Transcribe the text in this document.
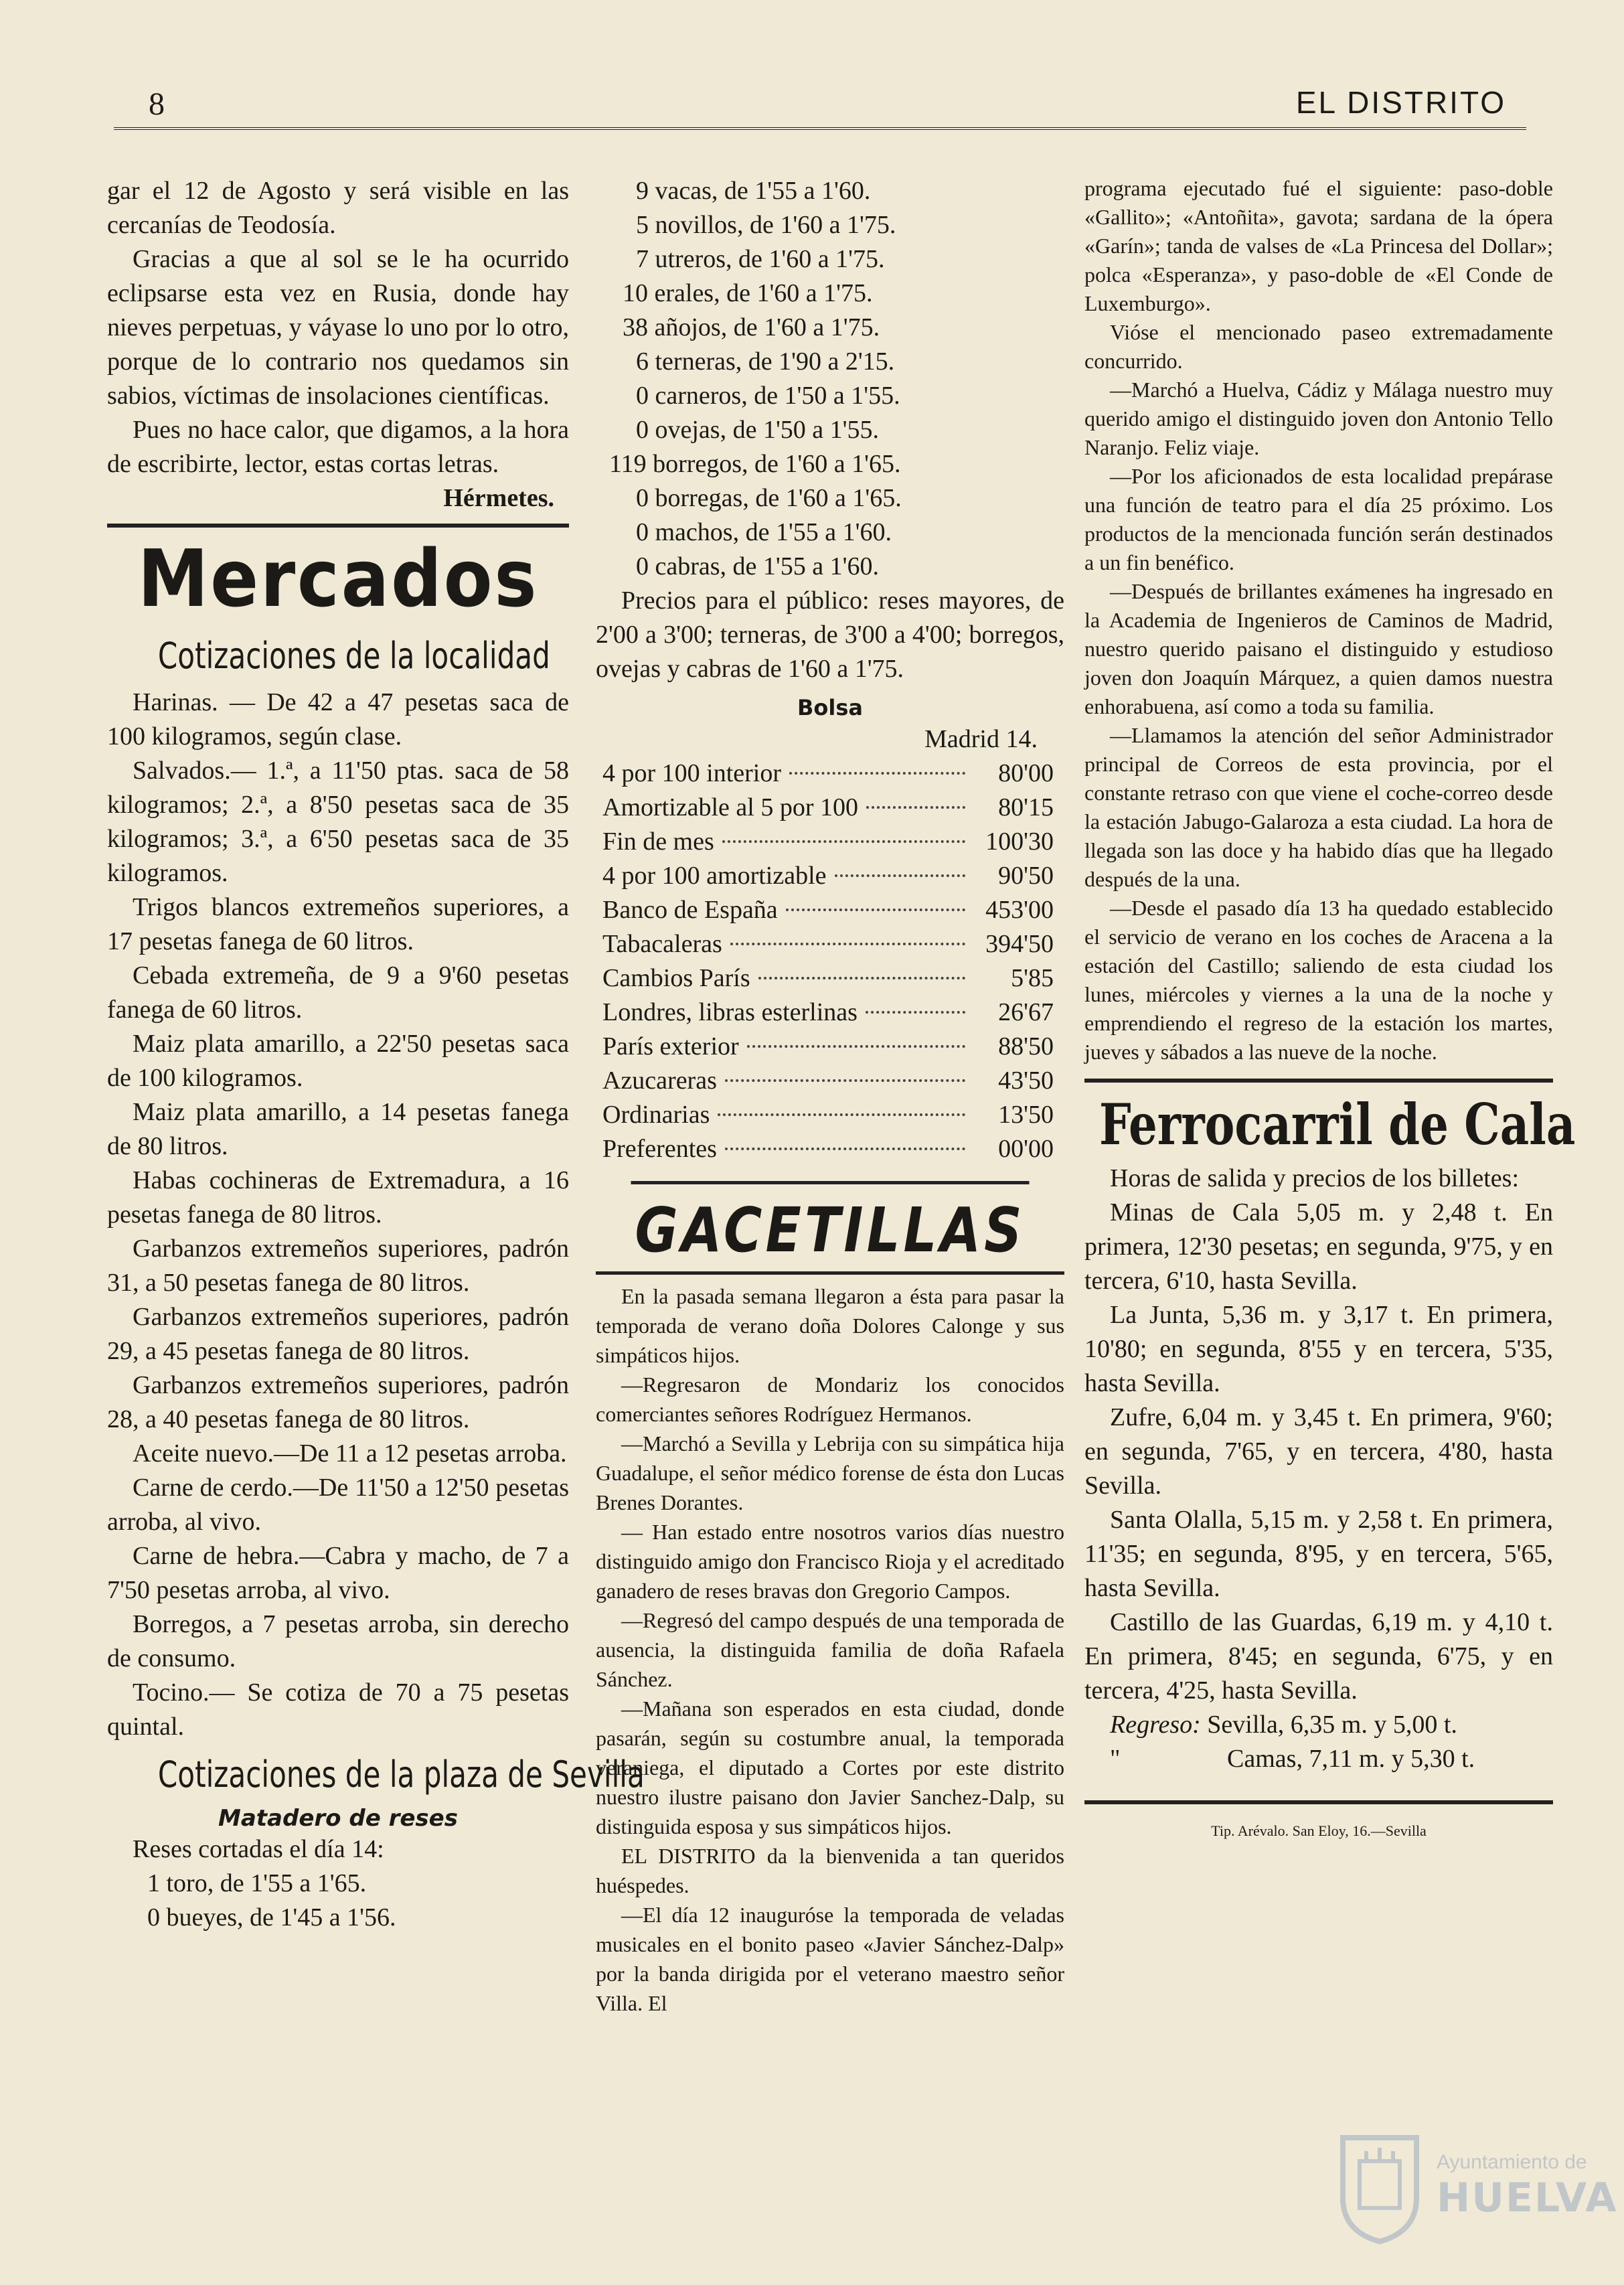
8	EL DISTRITO

gar el 12 de Agosto y será visible en las cercanías de Teodosía.

Gracias a que al sol se le ha ocurrido eclipsarse esta vez en Rusia, donde hay nieves perpetuas, y váyase lo uno por lo otro, porque de lo contrario nos quedamos sin sabios, víctimas de insolaciones científicas.

Pues no hace calor, que digamos, a la hora de escribirte, lector, estas cortas letras.

Hérmetes.
Mercados
Cotizaciones de la localidad

Harinas. — De 42 a 47 pesetas saca de 100 kilogramos, según clase.

Salvados.— 1.ª, a 11'50 ptas. saca de 58 kilogramos; 2.ª, a 8'50 pesetas saca de 35 kilogramos; 3.ª, a 6'50 pesetas saca de 35 kilogramos.

Trigos blancos extremeños superiores, a 17 pesetas fanega de 60 litros.

Cebada extremeña, de 9 a 9'60 pesetas fanega de 60 litros.

Maiz plata amarillo, a 22'50 pesetas saca de 100 kilogramos.

Maiz plata amarillo, a 14 pesetas fanega de 80 litros.

Habas cochineras de Extremadura, a 16 pesetas fanega de 80 litros.

Garbanzos extremeños superiores, padrón 31, a 50 pesetas fanega de 80 litros.

Garbanzos extremeños superiores, padrón 29, a 45 pesetas fanega de 80 litros.

Garbanzos extremeños superiores, padrón 28, a 40 pesetas fanega de 80 litros.

Aceite nuevo.—De 11 a 12 pesetas arroba.

Carne de cerdo.—De 11'50 a 12'50 pesetas arroba, al vivo.

Carne de hebra.—Cabra y macho, de 7 a 7'50 pesetas arroba, al vivo.

Borregos, a 7 pesetas arroba, sin derecho de consumo.

Tocino.— Se cotiza de 70 a 75 pesetas quintal.

Cotizaciones de la plaza de Sevilla
Matadero de reses

Reses cortadas el día 14:

1 toro, de 1'55 a 1'65.

0 bueyes, de 1'45 a 1'56.

9 vacas, de 1'55 a 1'60.

5 novillos, de 1'60 a 1'75.

7 utreros, de 1'60 a 1'75.

10 erales, de 1'60 a 1'75.

38 añojos, de 1'60 a 1'75.

6 terneras, de 1'90 a 2'15.

0 carneros, de 1'50 a 1'55.

0 ovejas, de 1'50 a 1'55.

119 borregos, de 1'60 a 1'65.

0 borregas, de 1'60 a 1'65.

0 machos, de 1'55 a 1'60.

0 cabras, de 1'55 a 1'60.

Precios para el público: reses mayores, de 2'00 a 3'00; terneras, de 3'00 a 4'00; borregos, ovejas y cabras de 1'60 a 1'75.

Bolsa
Madrid 14.
4 por 100 interior	80'00
Amortizable al 5 por 100	80'15
Fin de mes	100'30
4 por 100 amortizable	90'50
Banco de España	453'00
Tabacaleras	394'50
Cambios París	5'85
Londres, libras esterlinas	26'67
París exterior	88'50
Azucareras	43'50
Ordinarias	13'50
Preferentes	00'00
GACETILLAS

En la pasada semana llegaron a ésta para pasar la temporada de verano doña Dolores Calonge y sus simpáticos hijos.

—Regresaron de Mondariz los conocidos comerciantes señores Rodríguez Hermanos.

—Marchó a Sevilla y Lebrija con su simpática hija Guadalupe, el señor médico forense de ésta don Lucas Brenes Dorantes.

— Han estado entre nosotros varios días nuestro distinguido amigo don Francisco Rioja y el acreditado ganadero de reses bravas don Gregorio Campos.

—Regresó del campo después de una temporada de ausencia, la distinguida familia de doña Rafaela Sánchez.

—Mañana son esperados en esta ciudad, donde pasarán, según su costumbre anual, la temporada veraniega, el diputado a Cortes por este distrito nuestro ilustre paisano don Javier Sanchez-Dalp, su distinguida esposa y sus simpáticos hijos.

EL DISTRITO da la bienvenida a tan queridos huéspedes.

—El día 12 inauguróse la temporada de veladas musicales en el bonito paseo «Javier Sánchez-Dalp» por la banda dirigida por el veterano maestro señor Villa. El

programa ejecutado fué el siguiente: paso-doble «Gallito»; «Antoñita», gavota; sardana de la ópera «Garín»; tanda de valses de «La Princesa del Dollar»; polca «Esperanza», y paso-doble de «El Conde de Luxemburgo».

Vióse el mencionado paseo extremadamente concurrido.

—Marchó a Huelva, Cádiz y Málaga nuestro muy querido amigo el distinguido joven don Antonio Tello Naranjo. Feliz viaje.

—Por los aficionados de esta localidad prepárase una función de teatro para el día 25 próximo. Los productos de la mencionada función serán destinados a un fin benéfico.

—Después de brillantes exámenes ha ingresado en la Academia de Ingenieros de Caminos de Madrid, nuestro querido paisano el distinguido y estudioso joven don Joaquín Márquez, a quien damos nuestra enhorabuena, así como a toda su familia.

—Llamamos la atención del señor Administrador principal de Correos de esta provincia, por el constante retraso con que viene el coche-correo desde la estación Jabugo-Galaroza a esta ciudad. La hora de llegada son las doce y ha habido días que ha llegado después de la una.

—Desde el pasado día 13 ha quedado establecido el servicio de verano en los coches de Aracena a la estación del Castillo; saliendo de esta ciudad los lunes, miércoles y viernes a la una de la noche y emprendiendo el regreso de la estación los martes, jueves y sábados a las nueve de la noche.

Ferrocarril de Cala

Horas de salida y precios de los billetes:

Minas de Cala 5,05 m. y 2,48 t. En primera, 12'30 pesetas; en segunda, 9'75, y en tercera, 6'10, hasta Sevilla.

La Junta, 5,36 m. y 3,17 t. En primera, 10'80; en segunda, 8'55 y en tercera, 5'35, hasta Sevilla.

Zufre, 6,04 m. y 3,45 t. En primera, 9'60; en segunda, 7'65, y en tercera, 4'80, hasta Sevilla.

Santa Olalla, 5,15 m. y 2,58 t. En primera, 11'35; en segunda, 8'95, y en tercera, 5'65, hasta Sevilla.

Castillo de las Guardas, 6,19 m. y 4,10 t. En primera, 8'45; en segunda, 6'75, y en tercera, 4'25, hasta Sevilla.

Regreso: Sevilla, 6,35 m. y 5,00 t.

"	Camas, 7,11 m. y 5,30 t.

Tip. Arévalo. San Eloy, 16.—Sevilla
Ayuntamiento de
HUELVA
